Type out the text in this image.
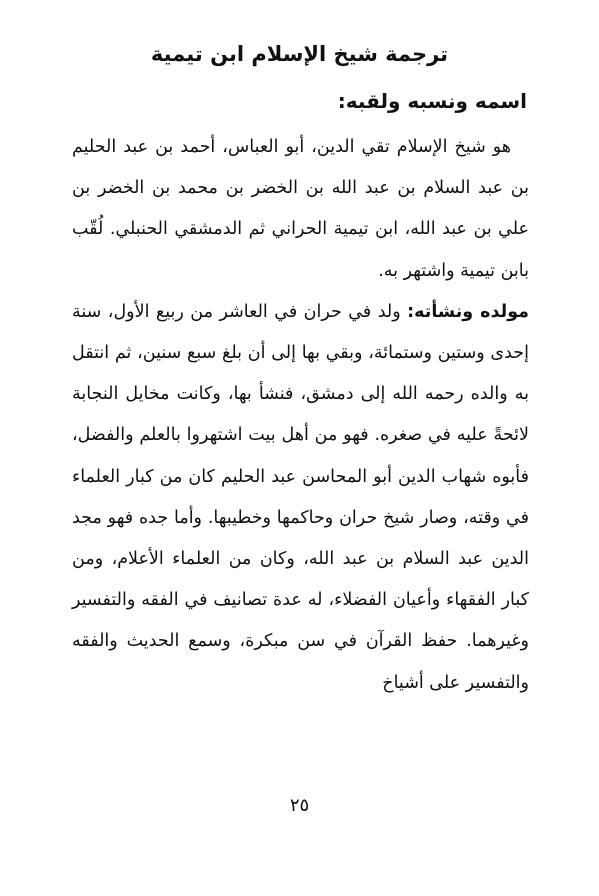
ترجمة شيخ الإسلام ابن تيمية
اسمه ونسبه ولقبه:

هو شيخ الإسلام تقي الدين، أبو العباس، أحمد بن عبد الحليم بن عبد السلام بن عبد الله بن الخضر بن محمد بن الخضر بن علي بن عبد الله، ابن تيمية الحراني ثم الدمشقي الحنبلي. لُقّب بابن تيمية واشتهر به.

مولده ونشأته: ولد في حران في العاشر من ربيع الأول، سنة إحدى وستين وستمائة، وبقي بها إلى أن بلغ سبع سنين، ثم انتقل به والده رحمه الله إلى دمشق، فنشأ بها، وكانت مخايل النجابة لائحةً عليه في صغره. فهو من أهل بيت اشتهروا بالعلم والفضل، فأبوه شهاب الدين أبو المحاسن عبد الحليم كان من كبار العلماء في وقته، وصار شيخ حران وحاكمها وخطيبها. وأما جده فهو مجد الدين عبد السلام بن عبد الله، وكان من العلماء الأعلام، ومن كبار الفقهاء وأعيان الفضلاء، له عدة تصانيف في الفقه والتفسير وغيرهما. حفظ القرآن في سن مبكرة، وسمع الحديث والفقه والتفسير على أشياخ

٢٥
